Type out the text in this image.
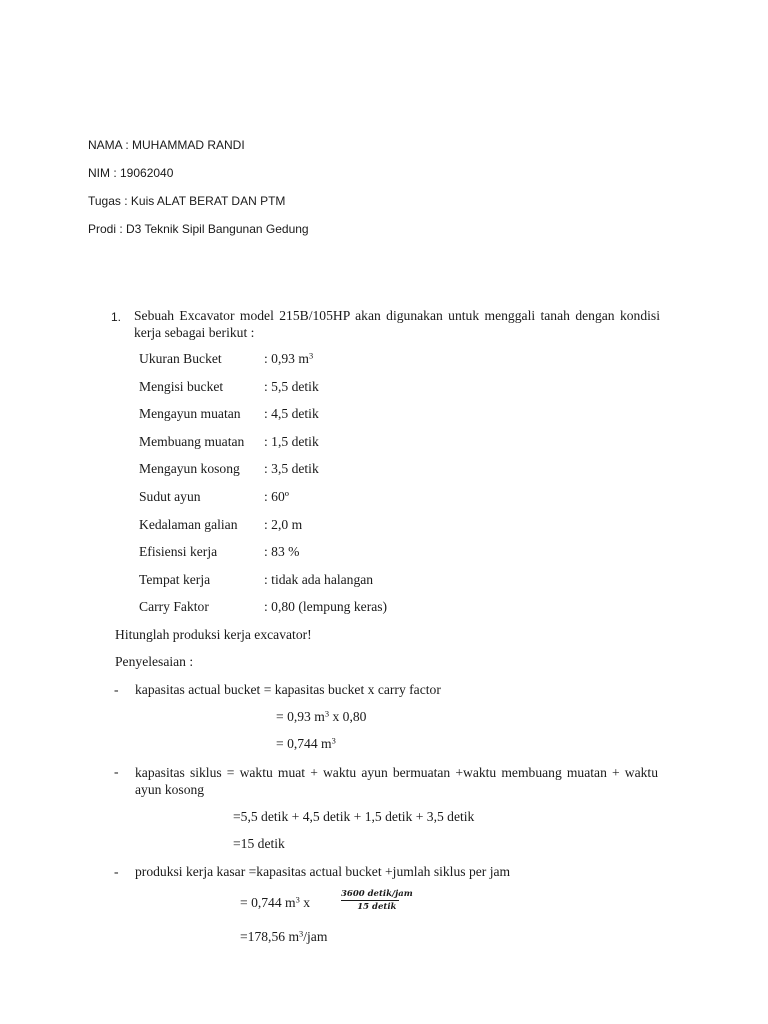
NAMA : MUHAMMAD RANDI
NIM : 19062040
Tugas : Kuis ALAT BERAT DAN PTM
Prodi : D3 Teknik Sipil Bangunan Gedung
1. Sebuah Excavator model 215B/105HP akan digunakan untuk menggali tanah dengan kondisi kerja sebagai berikut :
Ukuran Bucket	: 0,93 $m^3$
Mengisi bucket	: 5,5 detik
Mengayun muatan : 4,5 detik
Membuang muatan : 1,5 detik
Mengayun kosong : 3,5 detik
Sudut ayun	: 60º
Kedalaman galian : 2,0 m
Efisiensi kerja	: 83 %
Tempat kerja	: tidak ada halangan
Carry Faktor	: 0,80 (lempung keras)
Hitunglah produksi kerja excavator!
Penyelesaian :
- kapasitas actual bucket = kapasitas bucket x carry factor
= 0,93 $m^3$ x 0,80
= 0,744 $m^3$
- kapasitas siklus = waktu muat + waktu ayun bermuatan +waktu membuang muatan + waktu ayun kosong
=5,5 detik + 4,5 detik + 1,5 detik + 3,5 detik
=15 detik
- produksi kerja kasar =kapasitas actual bucket +jumlah siklus per jam
= 0,744 $m^3$ x
3600 detik/jam
15 detik
=178,56 $m^3$/jam
